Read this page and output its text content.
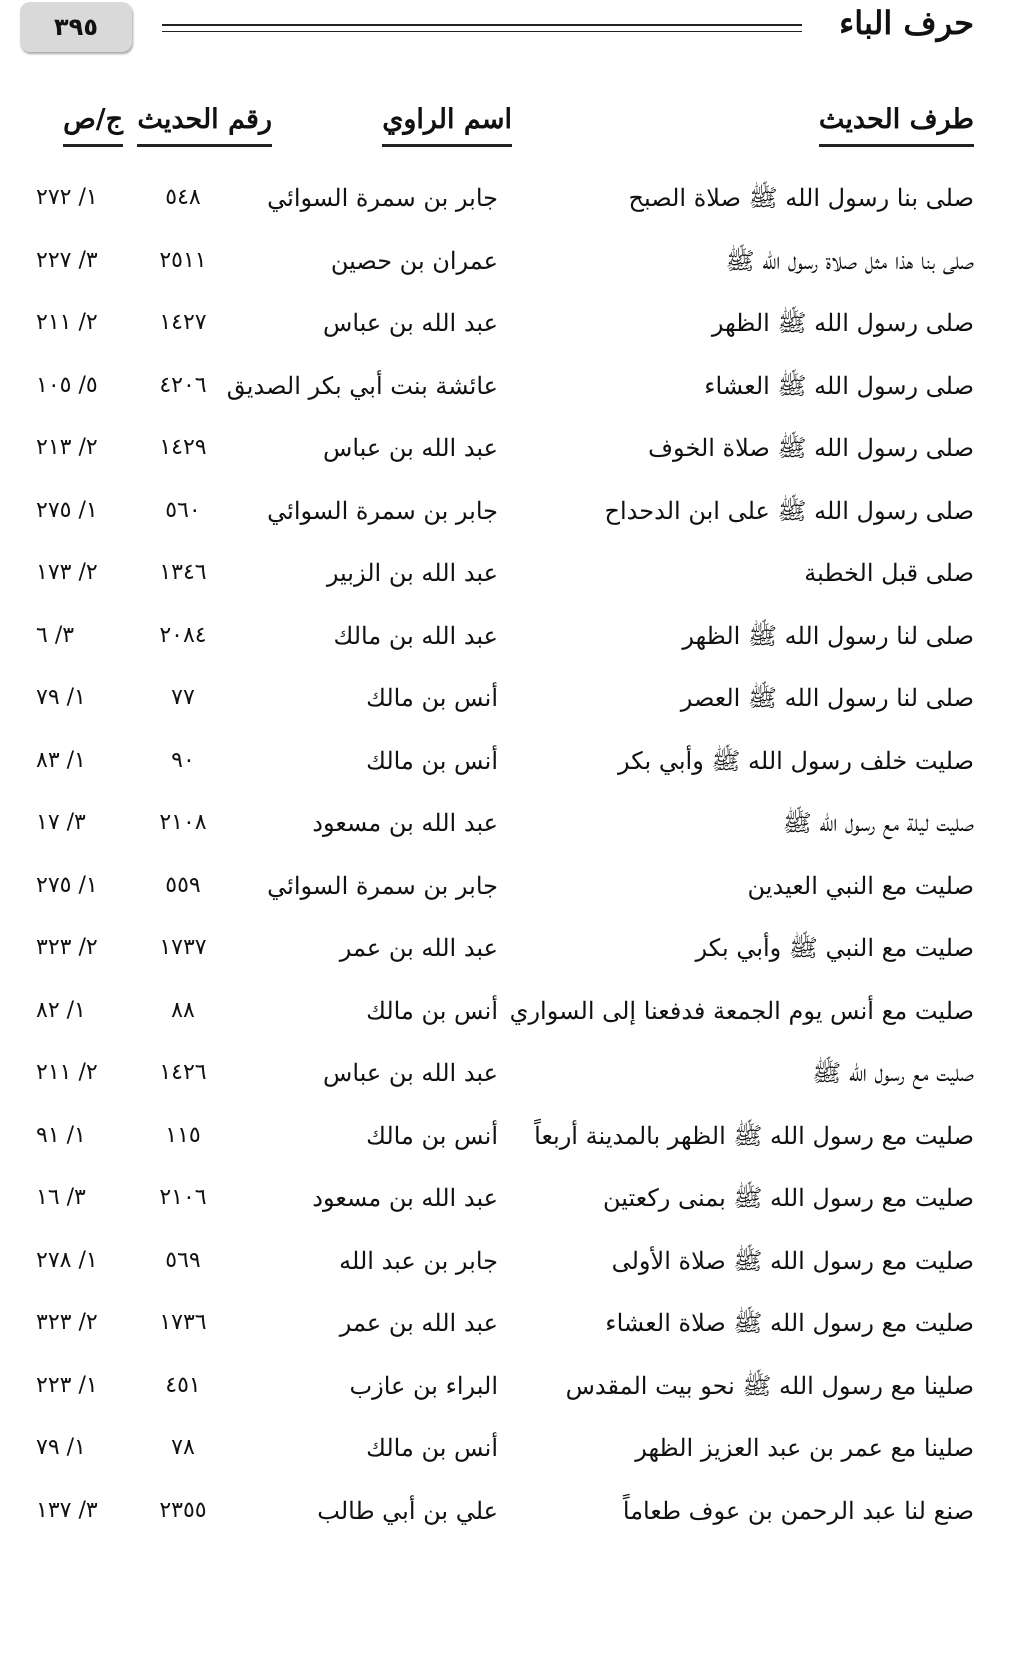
٣٩٥	حرف الباء
طرف الحديث
اسم الراوي
رقم الحديث
ج/ص
صلى بنا رسول الله ﷺ صلاة الصبح
جابر بن سمرة السوائي
٥٤٨
١/ ٢٧٢
صلى بنا هذا مثل صلاة رسول الله ﷺ
عمران بن حصين
٢٥١١
٣/ ٢٢٧
صلى رسول الله ﷺ الظهر
عبد الله بن عباس
١٤٢٧
٢/ ٢١١
صلى رسول الله ﷺ العشاء
عائشة بنت أبي بكر الصديق
٤٢٠٦
٥/ ١٠٥
صلى رسول الله ﷺ صلاة الخوف
عبد الله بن عباس
١٤٢٩
٢/ ٢١٣
صلى رسول الله ﷺ على ابن الدحداح
جابر بن سمرة السوائي
٥٦٠
١/ ٢٧٥
صلى قبل الخطبة
عبد الله بن الزبير
١٣٤٦
٢/ ١٧٣
صلى لنا رسول الله ﷺ الظهر
عبد الله بن مالك
٢٠٨٤
٣/ ٦
صلى لنا رسول الله ﷺ العصر
أنس بن مالك
٧٧
١/ ٧٩
صليت خلف رسول الله ﷺ وأبي بكر
أنس بن مالك
٩٠
١/ ٨٣
صليت ليلة مع رسول الله ﷺ
عبد الله بن مسعود
٢١٠٨
٣/ ١٧
صليت مع النبي العيدين
جابر بن سمرة السوائي
٥٥٩
١/ ٢٧٥
صليت مع النبي ﷺ وأبي بكر
عبد الله بن عمر
١٧٣٧
٢/ ٣٢٣
صليت مع أنس يوم الجمعة فدفعنا إلى السواري
أنس بن مالك
٨٨
١/ ٨٢
صليت مع رسول الله ﷺ
عبد الله بن عباس
١٤٢٦
٢/ ٢١١
صليت مع رسول الله ﷺ الظهر بالمدينة أربعاً
أنس بن مالك
١١٥
١/ ٩١
صليت مع رسول الله ﷺ بمنى ركعتين
عبد الله بن مسعود
٢١٠٦
٣/ ١٦
صليت مع رسول الله ﷺ صلاة الأولى
جابر بن عبد الله
٥٦٩
١/ ٢٧٨
صليت مع رسول الله ﷺ صلاة العشاء
عبد الله بن عمر
١٧٣٦
٢/ ٣٢٣
صلينا مع رسول الله ﷺ نحو بيت المقدس
البراء بن عازب
٤٥١
١/ ٢٢٣
صلينا مع عمر بن عبد العزيز الظهر
أنس بن مالك
٧٨
١/ ٧٩
صنع لنا عبد الرحمن بن عوف طعاماً
علي بن أبي طالب
٢٣٥٥
٣/ ١٣٧
